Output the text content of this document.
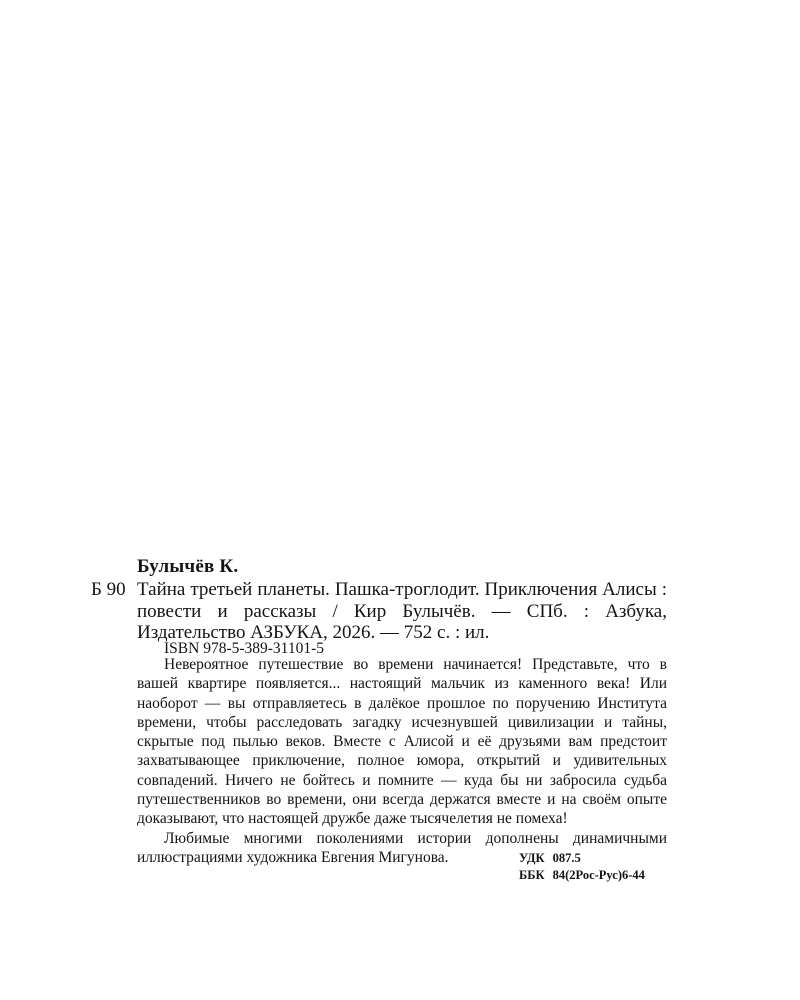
Булычёв К.

Б 90 Тайна третьей планеты. Пашка-троглодит. Приключения Алисы : повести и рассказы / Кир Булычёв. — СПб. : Азбука, Издательство АЗБУКА, 2026. — 752 с. : ил.

ISBN 978-5-389-31101-5

Невероятное путешествие во времени начинается! Представьте, что в вашей квартире появляется... настоящий мальчик из каменного века! Или наоборот — вы отправляетесь в далёкое прошлое по поручению Института времени, чтобы расследовать загадку исчезнувшей цивилизации и тайны, скрытые под пылью веков. Вместе с Алисой и её друзьями вам предстоит захватывающее приключение, полное юмора, открытий и удивительных совпадений. Ничего не бойтесь и помните — куда бы ни забросила судьба путешественников во времени, они всегда держатся вместе и на своём опыте доказывают, что настоящей дружбе даже тысячелетия не помеха!

Любимые многими поколениями истории дополнены динамичными иллюстрациями художника Евгения Мигунова.	УДК 087.5
ББК 84(2Рос-Рус)6-44
